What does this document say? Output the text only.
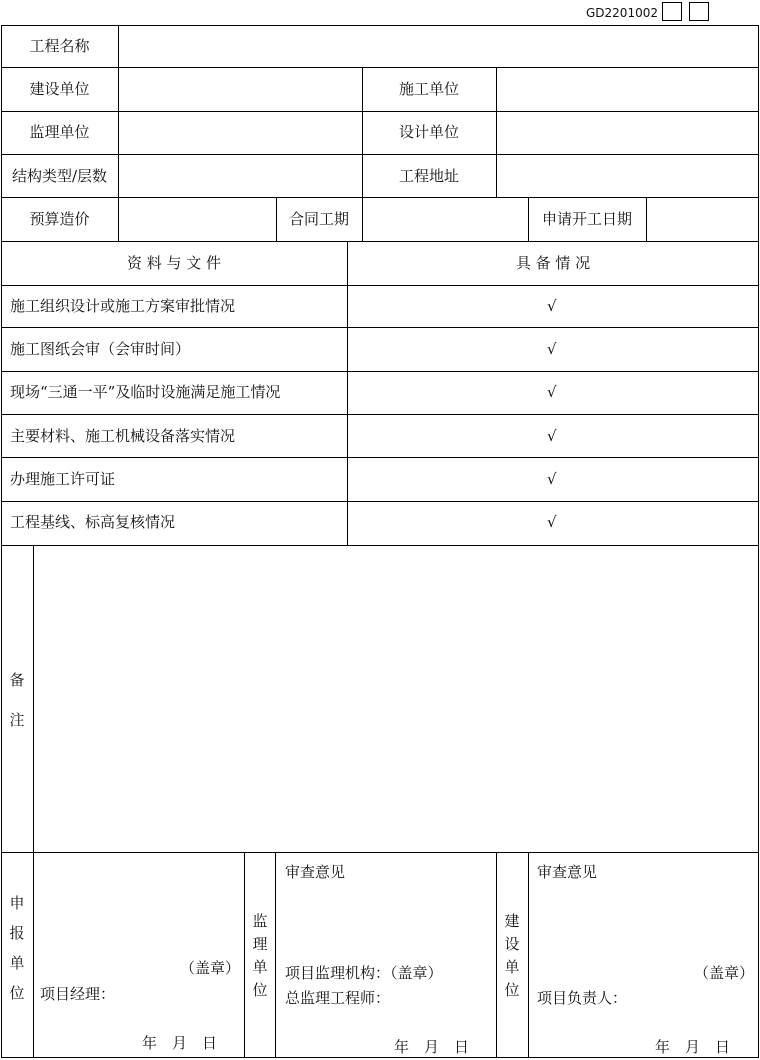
GD2201002
工程名称
建设单位	施工单位
监理单位	设计单位
结构类型/层数	工程地址
预算造价	合同工期	申请开工日期
资 料 与 文 件	具 备 情 况
施工组织设计或施工方案审批情况	√
施工图纸会审（会审时间）	√
现场“三通一平”及临时设施满足施工情况	√
主要材料、施工机械设备落实情况	√
办理施工许可证	√
工程基线、标高复核情况	√
备注
申报单位
（盖章）
项目经理：
年　月　日
监理单位
审查意见
项目监理机构：（盖章）
总监理工程师：
年　月　日
建设单位
审查意见
（盖章）
项目负责人：
年　月　日
